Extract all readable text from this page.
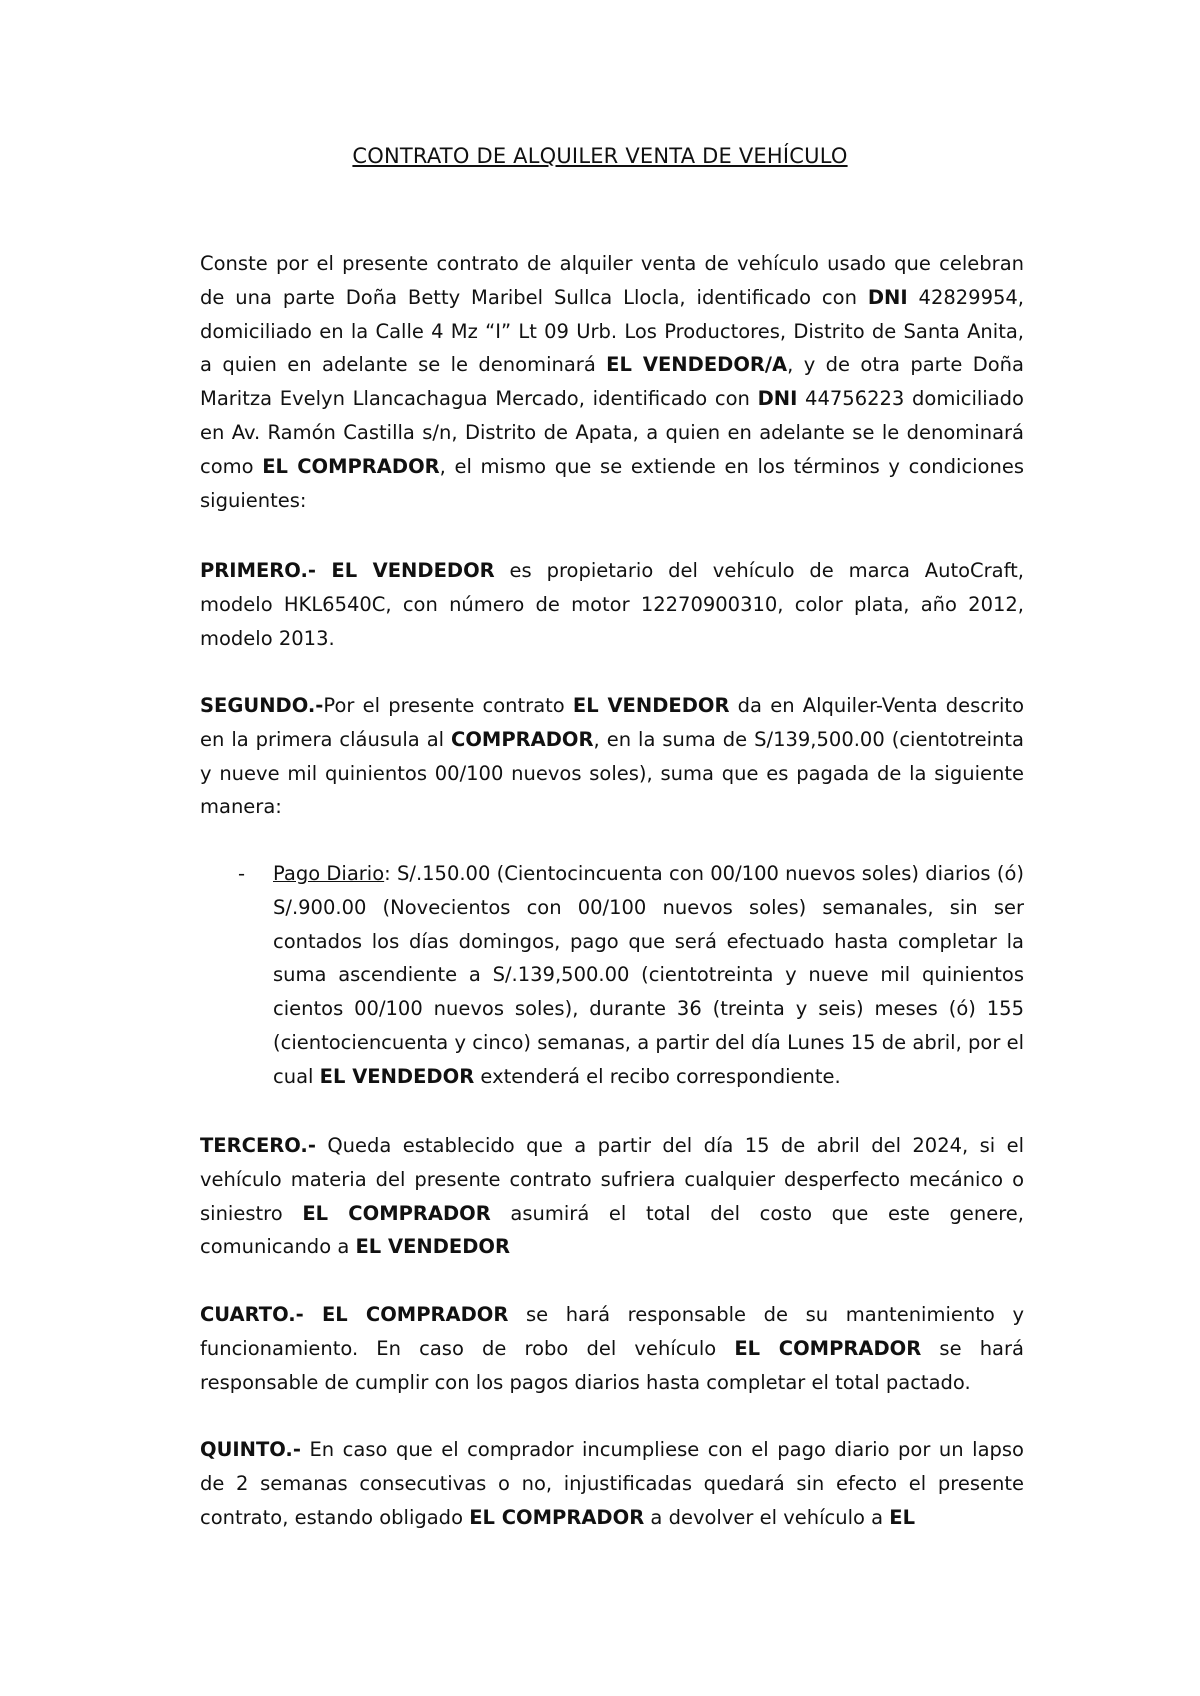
CONTRATO DE ALQUILER VENTA DE VEHÍCULO
Conste por el presente contrato de alquiler venta de vehículo usado que celebran de una parte Doña Betty Maribel Sullca Llocla, identificado con DNI 42829954, domiciliado en la Calle 4 Mz “I” Lt 09 Urb. Los Productores, Distrito de Santa Anita, a quien en adelante se le denominará EL VENDEDOR/A, y de otra parte Doña Maritza Evelyn Llancachagua Mercado, identificado con DNI 44756223 domiciliado en Av. Ramón Castilla s/n, Distrito de Apata, a quien en adelante se le denominará como EL COMPRADOR, el mismo que se extiende en los términos y condiciones siguientes:
PRIMERO.- EL VENDEDOR es propietario del vehículo de marca AutoCraft, modelo HKL6540C, con número de motor 12270900310, color plata, año 2012, modelo 2013.
SEGUNDO.-Por el presente contrato EL VENDEDOR da en Alquiler-Venta descrito en la primera cláusula al COMPRADOR, en la suma de S/139,500.00 (cientotreinta y nueve mil quinientos 00/100 nuevos soles), suma que es pagada de la siguiente manera:
- Pago Diario: S/.150.00 (Cientocincuenta con 00/100 nuevos soles) diarios (ó) S/.900.00 (Novecientos con 00/100 nuevos soles) semanales, sin ser contados los días domingos, pago que será efectuado hasta completar la suma ascendiente a S/.139,500.00 (cientotreinta y nueve mil quinientos cientos 00/100 nuevos soles), durante 36 (treinta y seis) meses (ó) 155 (cientociencuenta y cinco) semanas, a partir del día Lunes 15 de abril, por el cual EL VENDEDOR extenderá el recibo correspondiente.
TERCERO.- Queda establecido que a partir del día 15 de abril del 2024, si el vehículo materia del presente contrato sufriera cualquier desperfecto mecánico o siniestro EL COMPRADOR asumirá el total del costo que este genere, comunicando a EL VENDEDOR
CUARTO.- EL COMPRADOR se hará responsable de su mantenimiento y funcionamiento. En caso de robo del vehículo EL COMPRADOR se hará responsable de cumplir con los pagos diarios hasta completar el total pactado.
QUINTO.- En caso que el comprador incumpliese con el pago diario por un lapso de 2 semanas consecutivas o no, injustificadas quedará sin efecto el presente contrato, estando obligado EL COMPRADOR a devolver el vehículo a EL
